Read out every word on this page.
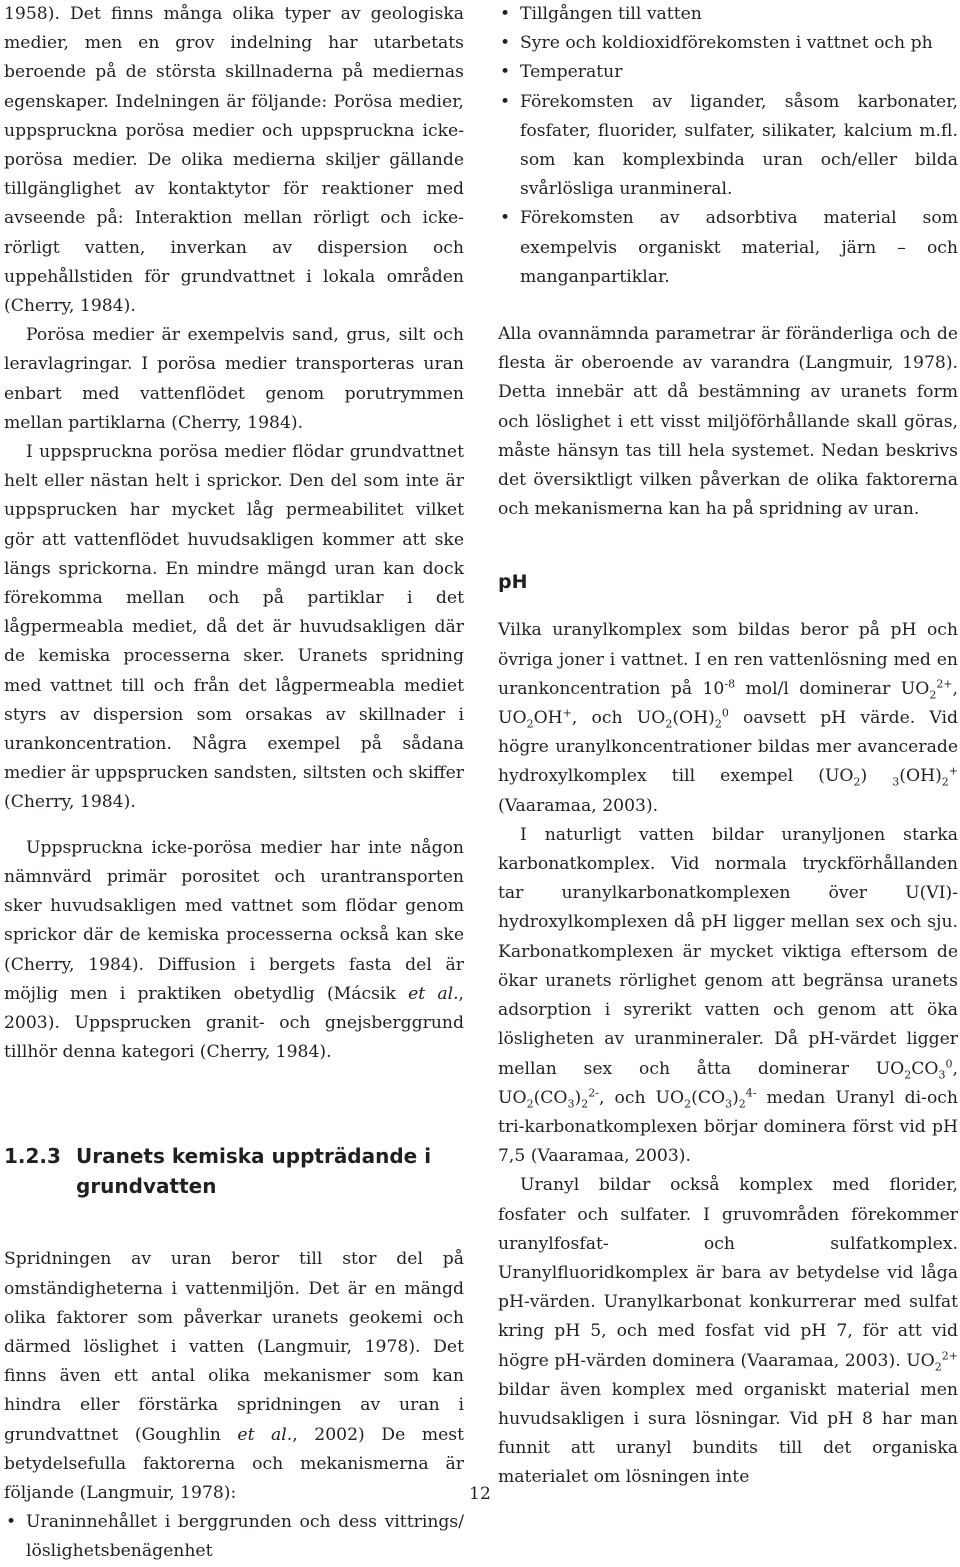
1958). Det finns många olika typer av geologiska medier, men en grov indelning har utarbetats beroende på de största skillnaderna på mediernas egenskaper. Indelningen är följande: Porösa medier, uppspruckna porösa medier och uppspruckna icke-porösa medier. De olika medierna skiljer gällande tillgänglighet av kontaktytor för reaktioner med avseende på: Interaktion mellan rörligt och icke-rörligt vatten, inverkan av dispersion och uppehållstiden för grundvattnet i lokala områden (Cherry, 1984).

Porösa medier är exempelvis sand, grus, silt och leravlagringar. I porösa medier transporteras uran enbart med vattenflödet genom porutrymmen mellan partiklarna (Cherry, 1984).

I uppspruckna porösa medier flödar grundvattnet helt eller nästan helt i sprickor. Den del som inte är uppsprucken har mycket låg permeabilitet vilket gör att vattenflödet huvudsakligen kommer att ske längs sprickorna. En mindre mängd uran kan dock förekomma mellan och på partiklar i det lågpermeabla mediet, då det är huvudsakligen där de kemiska processerna sker. Uranets spridning med vattnet till och från det lågpermeabla mediet styrs av dispersion som orsakas av skillnader i urankoncentration. Några exempel på sådana medier är uppsprucken sandsten, siltsten och skiffer (Cherry, 1984).

Uppspruckna icke-porösa medier har inte någon nämnvärd primär porositet och urantransporten sker huvudsakligen med vattnet som flödar genom sprickor där de kemiska processerna också kan ske (Cherry, 1984). Diffusion i bergets fasta del är möjlig men i praktiken obetydlig (Mácsik et al., 2003). Uppsprucken granit- och gnejsberggrund tillhör denna kategori (Cherry, 1984).

1.2.3 Uranets kemiska uppträdande i grundvatten

Spridningen av uran beror till stor del på omständigheterna i vattenmiljön. Det är en mängd olika faktorer som påverkar uranets geokemi och därmed löslighet i vatten (Langmuir, 1978). Det finns även ett antal olika mekanismer som kan hindra eller förstärka spridningen av uran i grundvattnet (Goughlin et al., 2002) De mest betydelsefulla faktorerna och mekanismerna är följande (Langmuir, 1978):

• Uraninnehållet i berggrunden och dess vittrings/ löslighetsbenägenhet
• Tillgången till vatten
• Syre och koldioxidförekomsten i vattnet och ph
• Temperatur
• Förekomsten av ligander, såsom karbonater, fosfater, fluorider, sulfater, silikater, kalcium m.fl. som kan komplexbinda uran och/eller bilda svårlösliga uranmineral.
• Förekomsten av adsorbtiva material som exempelvis organiskt material, järn – och manganpartiklar.

Alla ovannämnda parametrar är föränderliga och de flesta är oberoende av varandra (Langmuir, 1978). Detta innebär att då bestämning av uranets form och löslighet i ett visst miljöförhållande skall göras, måste hänsyn tas till hela systemet. Nedan beskrivs det översiktligt vilken påverkan de olika faktorerna och mekanismerna kan ha på spridning av uran.

pH

Vilka uranylkomplex som bildas beror på pH och övriga joner i vattnet. I en ren vattenlösning med en urankoncentration på $10^{-8}$ mol/l dominerar $UO_2^{2+}$, $UO_2OH^+$, och $UO_2(OH)_2^0$ oavsett pH värde. Vid högre uranylkoncentrationer bildas mer avancerade hydroxylkomplex till exempel $(UO_2)$ $_3(OH)_2^+$ (Vaaramaa, 2003).

I naturligt vatten bildar uranyljonen starka karbonatkomplex. Vid normala tryckförhållanden tar uranylkarbonatkomplexen över U(VI)-hydroxylkomplexen då pH ligger mellan sex och sju. Karbonatkomplexen är mycket viktiga eftersom de ökar uranets rörlighet genom att begränsa uranets adsorption i syrerikt vatten och genom att öka lösligheten av uranmineraler. Då pH-värdet ligger mellan sex och åtta dominerar $UO_2CO_3^0$, $UO_2(CO_3)_2^{2-}$, och $UO_2(CO_3)_2^{4-}$ medan Uranyl di-och tri-karbonatkomplexen börjar dominera först vid pH 7,5 (Vaaramaa, 2003).

Uranyl bildar också komplex med florider, fosfater och sulfater. I gruvområden förekommer uranylfosfat- och sulfatkomplex. Uranylfluoridkomplex är bara av betydelse vid låga pH-värden. Uranylkarbonat konkurrerar med sulfat kring pH 5, och med fosfat vid pH 7, för att vid högre pH-värden dominera (Vaaramaa, 2003). $UO_2^{2+}$ bildar även komplex med organiskt material men huvudsakligen i sura lösningar. Vid pH 8 har man funnit att uranyl bundits till det organiska materialet om lösningen inte

12
